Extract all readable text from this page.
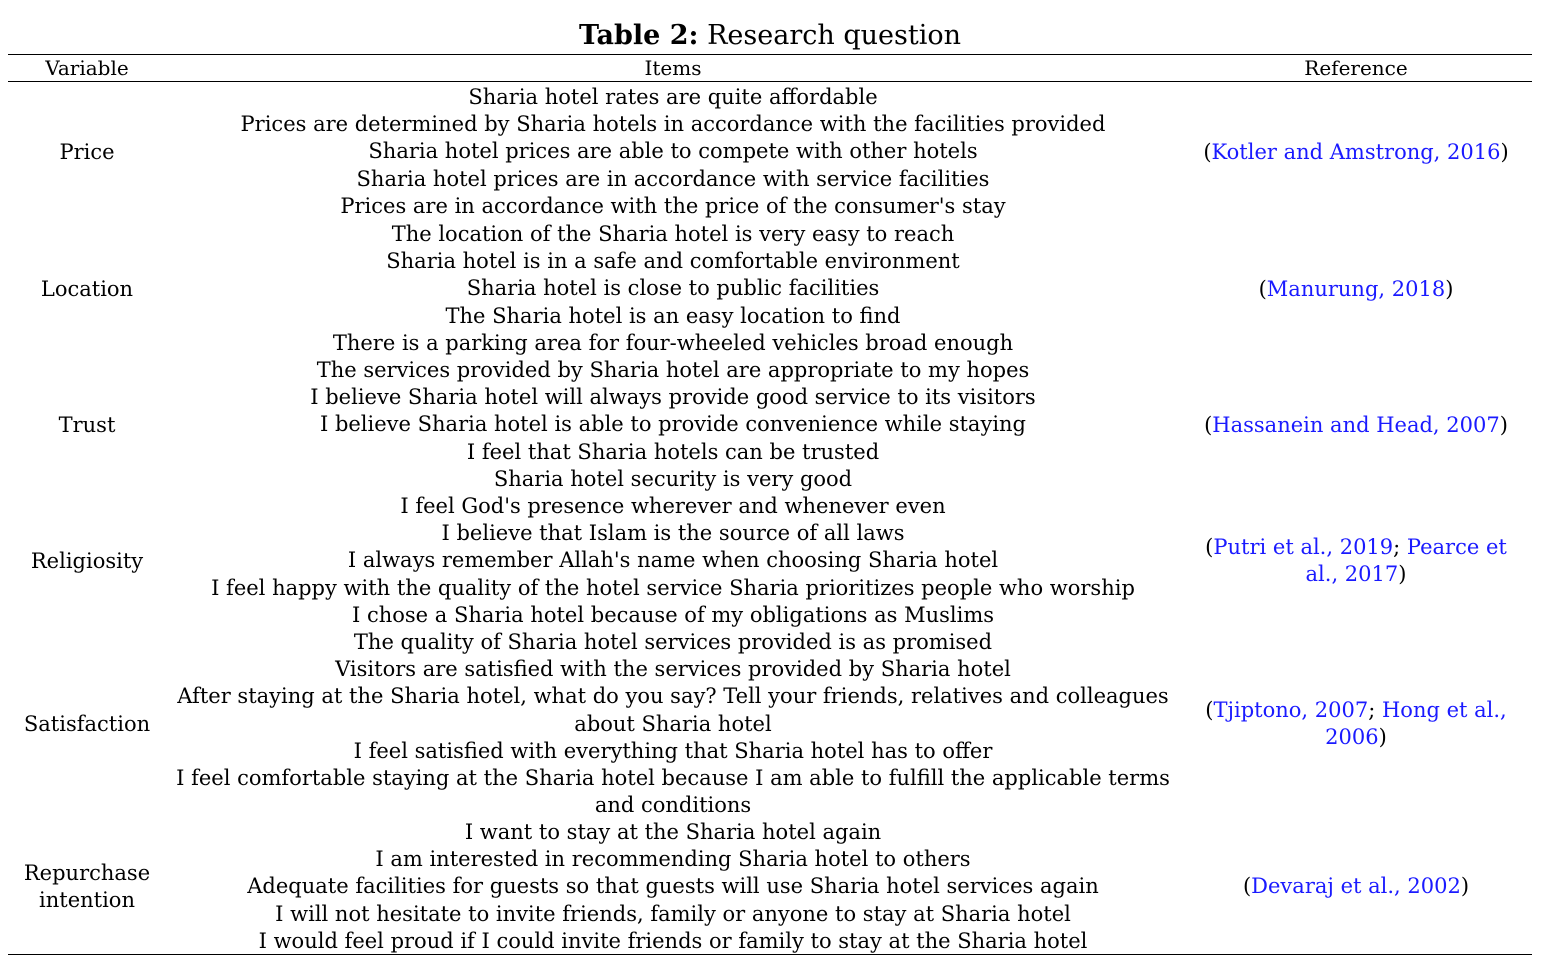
Table 2: Research question
Variable	Items	Reference
Price
Sharia hotel rates are quite affordable
Prices are determined by Sharia hotels in accordance with the facilities provided
Sharia hotel prices are able to compete with other hotels
Sharia hotel prices are in accordance with service facilities
Prices are in accordance with the price of the consumer's stay
(Kotler and Amstrong, 2016)
Location
The location of the Sharia hotel is very easy to reach
Sharia hotel is in a safe and comfortable environment
Sharia hotel is close to public facilities
The Sharia hotel is an easy location to find
There is a parking area for four-wheeled vehicles broad enough
(Manurung, 2018)
Trust
The services provided by Sharia hotel are appropriate to my hopes
I believe Sharia hotel will always provide good service to its visitors
I believe Sharia hotel is able to provide convenience while staying
I feel that Sharia hotels can be trusted
Sharia hotel security is very good
(Hassanein and Head, 2007)
Religiosity
I feel God's presence wherever and whenever even
I believe that Islam is the source of all laws
I always remember Allah's name when choosing Sharia hotel
I feel happy with the quality of the hotel service Sharia prioritizes people who worship
I chose a Sharia hotel because of my obligations as Muslims
(Putri et al., 2019; Pearce et al., 2017)
Satisfaction
The quality of Sharia hotel services provided is as promised
Visitors are satisfied with the services provided by Sharia hotel
After staying at the Sharia hotel, what do you say? Tell your friends, relatives and colleagues about Sharia hotel
I feel satisfied with everything that Sharia hotel has to offer
I feel comfortable staying at the Sharia hotel because I am able to fulfill the applicable terms and conditions
(Tjiptono, 2007; Hong et al., 2006)
Repurchase intention
I want to stay at the Sharia hotel again
I am interested in recommending Sharia hotel to others
Adequate facilities for guests so that guests will use Sharia hotel services again
I will not hesitate to invite friends, family or anyone to stay at Sharia hotel
I would feel proud if I could invite friends or family to stay at the Sharia hotel
(Devaraj et al., 2002)
